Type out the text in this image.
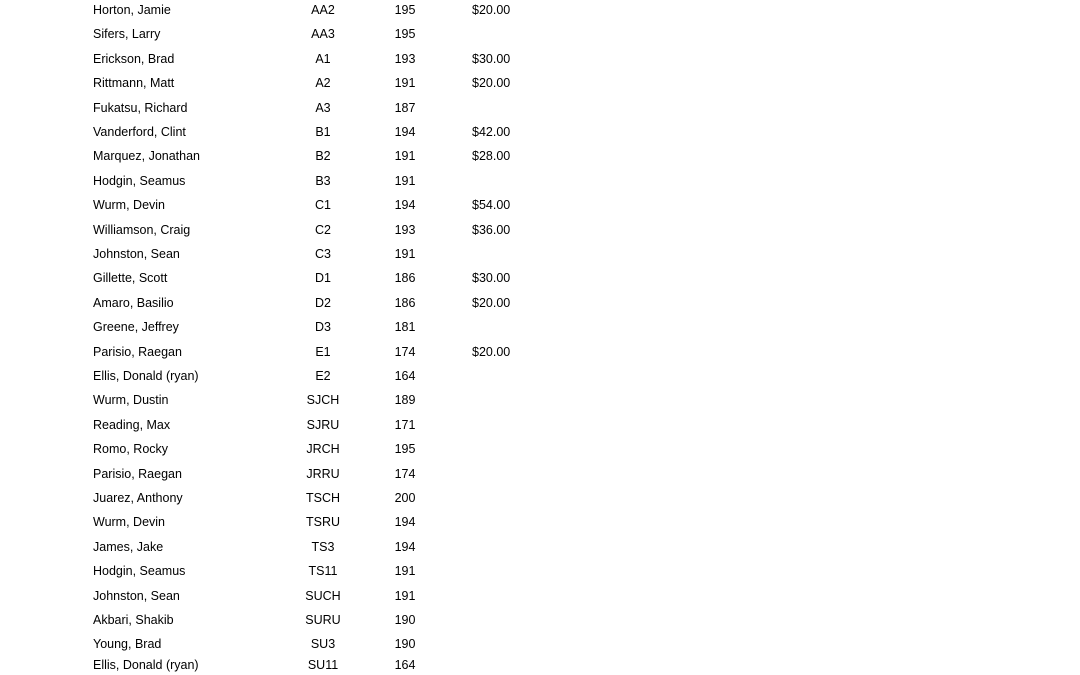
Horton, Jamie	AA2	195	$20.00
Sifers, Larry	AA3	195
Erickson, Brad	A1	193	$30.00
Rittmann, Matt	A2	191	$20.00
Fukatsu, Richard	A3	187
Vanderford, Clint	B1	194	$42.00
Marquez, Jonathan	B2	191	$28.00
Hodgin, Seamus	B3	191
Wurm, Devin	C1	194	$54.00
Williamson, Craig	C2	193	$36.00
Johnston, Sean	C3	191
Gillette, Scott	D1	186	$30.00
Amaro, Basilio	D2	186	$20.00
Greene, Jeffrey	D3	181
Parisio, Raegan	E1	174	$20.00
Ellis, Donald (ryan)	E2	164
Wurm, Dustin	SJCH	189
Reading, Max	SJRU	171
Romo, Rocky	JRCH	195
Parisio, Raegan	JRRU	174
Juarez, Anthony	TSCH	200
Wurm, Devin	TSRU	194
James, Jake	TS3	194
Hodgin, Seamus	TS11	191
Johnston, Sean	SUCH	191
Akbari, Shakib	SURU	190
Young, Brad	SU3	190
Ellis, Donald (ryan)	SU11	164
